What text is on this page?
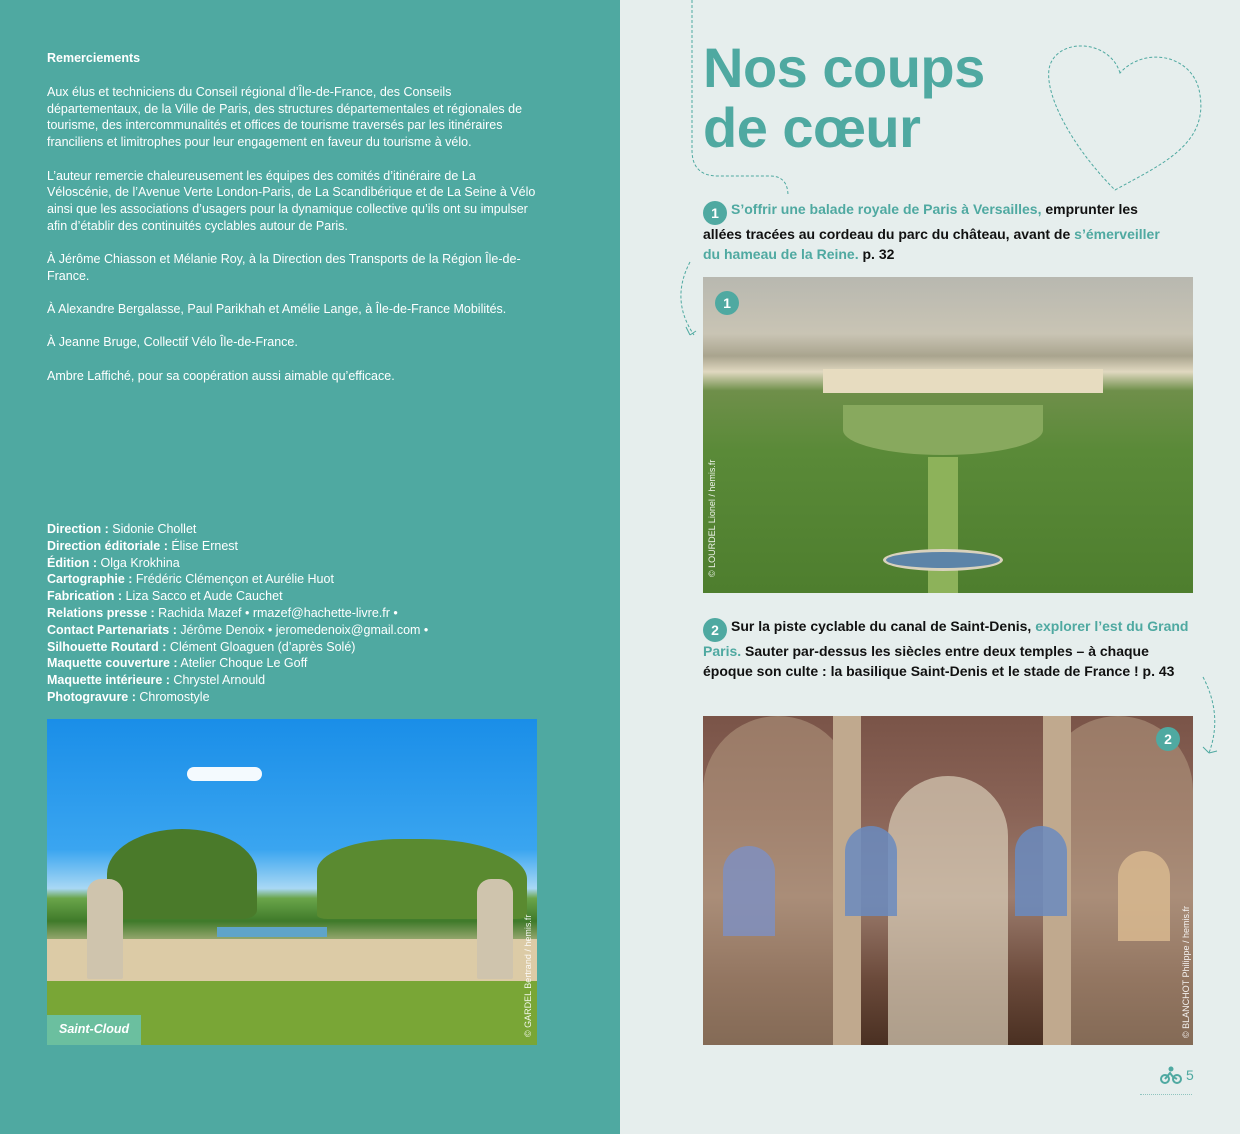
Remerciements

Aux élus et techniciens du Conseil régional d’Île-de-France, des Conseils départementaux, de la Ville de Paris, des structures départementales et régionales de tourisme, des intercommunalités et offices de tourisme traversés par les itinéraires franciliens et limitrophes pour leur engagement en faveur du tourisme à vélo.

L’auteur remercie chaleureusement les équipes des comités d’itinéraire de La Véloscénie, de l’Avenue Verte London-Paris, de La Scandibérique et de La Seine à Vélo ainsi que les associations d’usagers pour la dynamique collective qu’ils ont su impulser afin d’établir des continuités cyclables autour de Paris.

À Jérôme Chiasson et Mélanie Roy, à la Direction des Transports de la Région Île-de-France.

À Alexandre Bergalasse, Paul Parikhah et Amélie Lange, à Île-de-France Mobilités.

À Jeanne Bruge, Collectif Vélo Île-de-France.

Ambre Laffiché, pour sa coopération aussi aimable qu’efficace.

Direction : Sidonie Chollet
Direction éditoriale : Élise Ernest
Édition : Olga Krokhina
Cartographie : Frédéric Clémençon et Aurélie Huot
Fabrication : Liza Sacco et Aude Cauchet
Relations presse : Rachida Mazef • rmazef@hachette-livre.fr •
Contact Partenariats : Jérôme Denoix • jeromedenoix@gmail.com •
Silhouette Routard : Clément Gloaguen (d’après Solé)
Maquette couverture : Atelier Choque Le Goff
Maquette intérieure : Chrystel Arnould
Photogravure : Chromostyle
Saint-Cloud	© GARDEL Bertrand / hemis.fr
Nos coups
de cœur
1 S’offrir une balade royale de Paris à Versailles, emprunter les allées tracées au cordeau du parc du château, avant de s’émerveiller du hameau de la Reine. p. 32
1
© LOURDEL Lionel / hemis.fr
2 Sur la piste cyclable du canal de Saint-Denis, explorer l’est du Grand Paris. Sauter par-dessus les siècles entre deux temples – à chaque époque son culte : la basilique Saint-Denis et le stade de France ! p. 43
2
© BLANCHOT Philippe / hemis.fr
5
